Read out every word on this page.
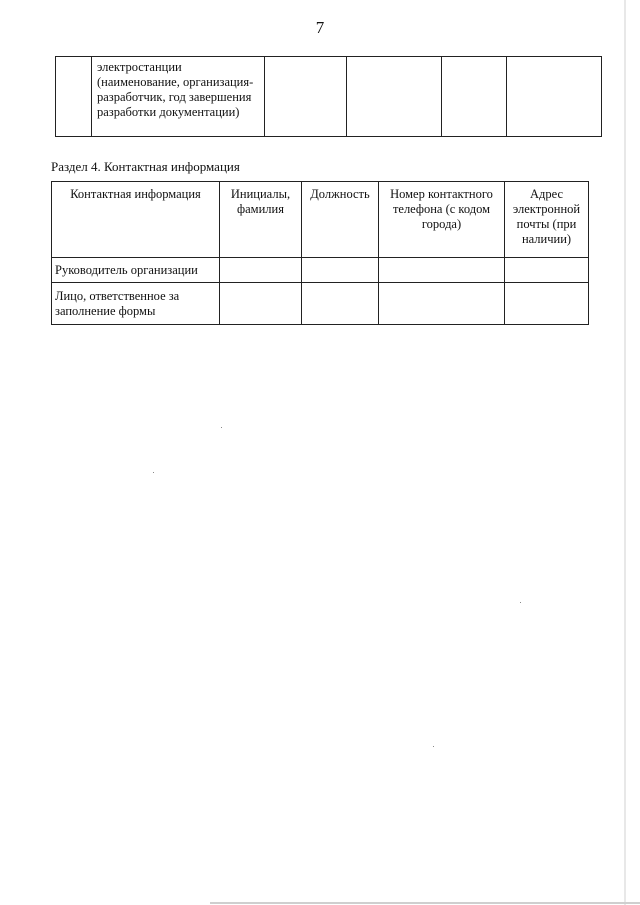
7

электростанции
(наименование, организация-
разработчик, год завершения
разработки документации)

Раздел 4. Контактная информация
Контактная информация	Инициалы, фамилия	Должность	Номер контактного телефона (с кодом города)	Адрес электронной почты (при наличии)
Руководитель организации				
Лицо, ответственное за заполнение формы				
